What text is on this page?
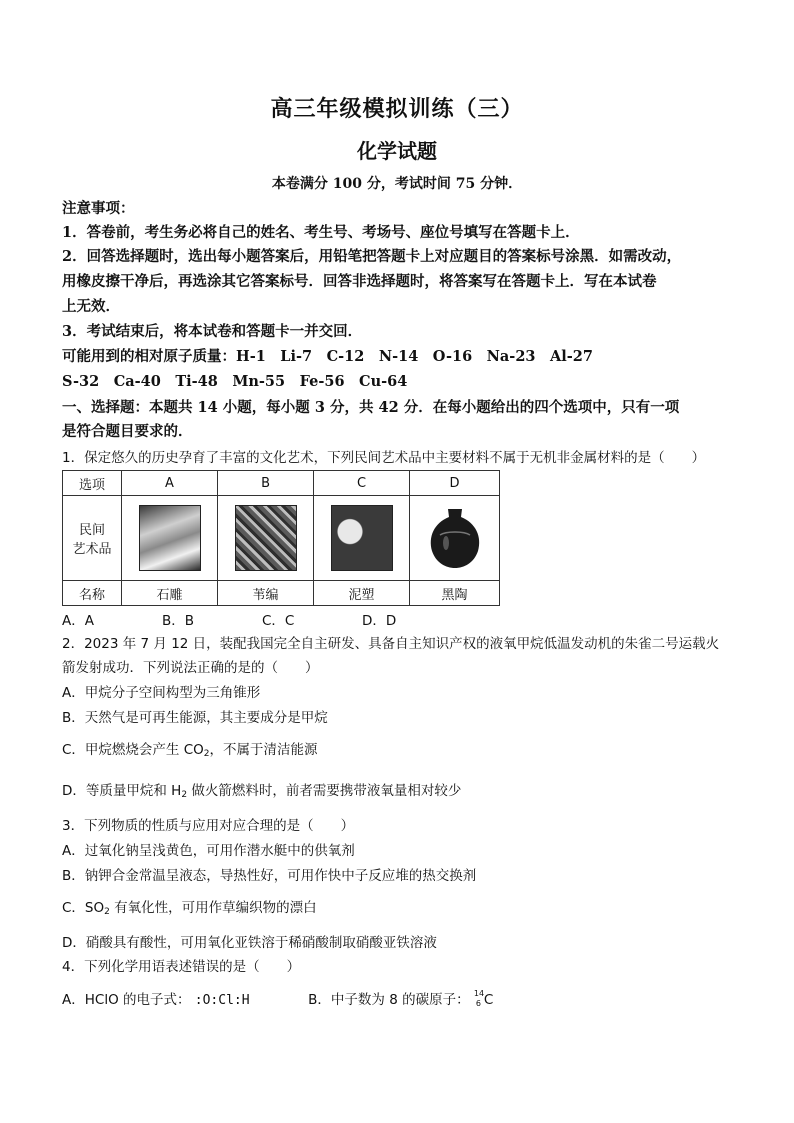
高三年级模拟训练（三）
化学试题
本卷满分 100 分，考试时间 75 分钟．
注意事项：
1．答卷前，考生务必将自己的姓名、考生号、考场号、座位号填写在答题卡上．
2．回答选择题时，选出每小题答案后，用铅笔把答题卡上对应题目的答案标号涂黑．如需改动，
用橡皮擦干净后，再选涂其它答案标号．回答非选择题时，将答案写在答题卡上．写在本试卷
上无效．
3．考试结束后，将本试卷和答题卡一并交回．
可能用到的相对原子质量：H-1　Li-7　C-12　N-14　O-16　Na-23　Al-27
S-32　Ca-40　Ti-48　Mn-55　Fe-56　Cu-64
一、选择题：本题共 14 小题，每小题 3 分，共 42 分．在每小题给出的四个选项中，只有一项
是符合题目要求的．
1．保定悠久的历史孕育了丰富的文化艺术，下列民间艺术品中主要材料不属于无机非金属材料的是（　　）
选项	A	B	C	D

民间
艺术品

名称	石雕	苇编	泥塑	黑陶
A．A	B．B	C．C	D．D
2．2023 年 7 月 12 日，装配我国完全自主研发、具备自主知识产权的液氧甲烷低温发动机的朱雀二号运载火
箭发射成功．下列说法正确的是的（　　）
A．甲烷分子空间构型为三角锥形
B．天然气是可再生能源，其主要成分是甲烷
C．甲烷燃烧会产生 $CO_2$，不属于清洁能源
D．等质量甲烷和 $H_2$ 做火箭燃料时，前者需要携带液氧量相对较少
3．下列物质的性质与应用对应合理的是（　　）
A．过氧化钠呈浅黄色，可用作潜水艇中的供氧剂
B．钠钾合金常温呈液态，导热性好，可用作快中子反应堆的热交换剂
C．$SO_2$ 有氧化性，可用作草编织物的漂白
D．硝酸具有酸性，可用氧化亚铁溶于稀硝酸制取硝酸亚铁溶液
4．下列化学用语表述错误的是（　　）
A．HClO 的电子式： :O:Cl:H	B．中子数为 8 的碳原子： 14
6 C
